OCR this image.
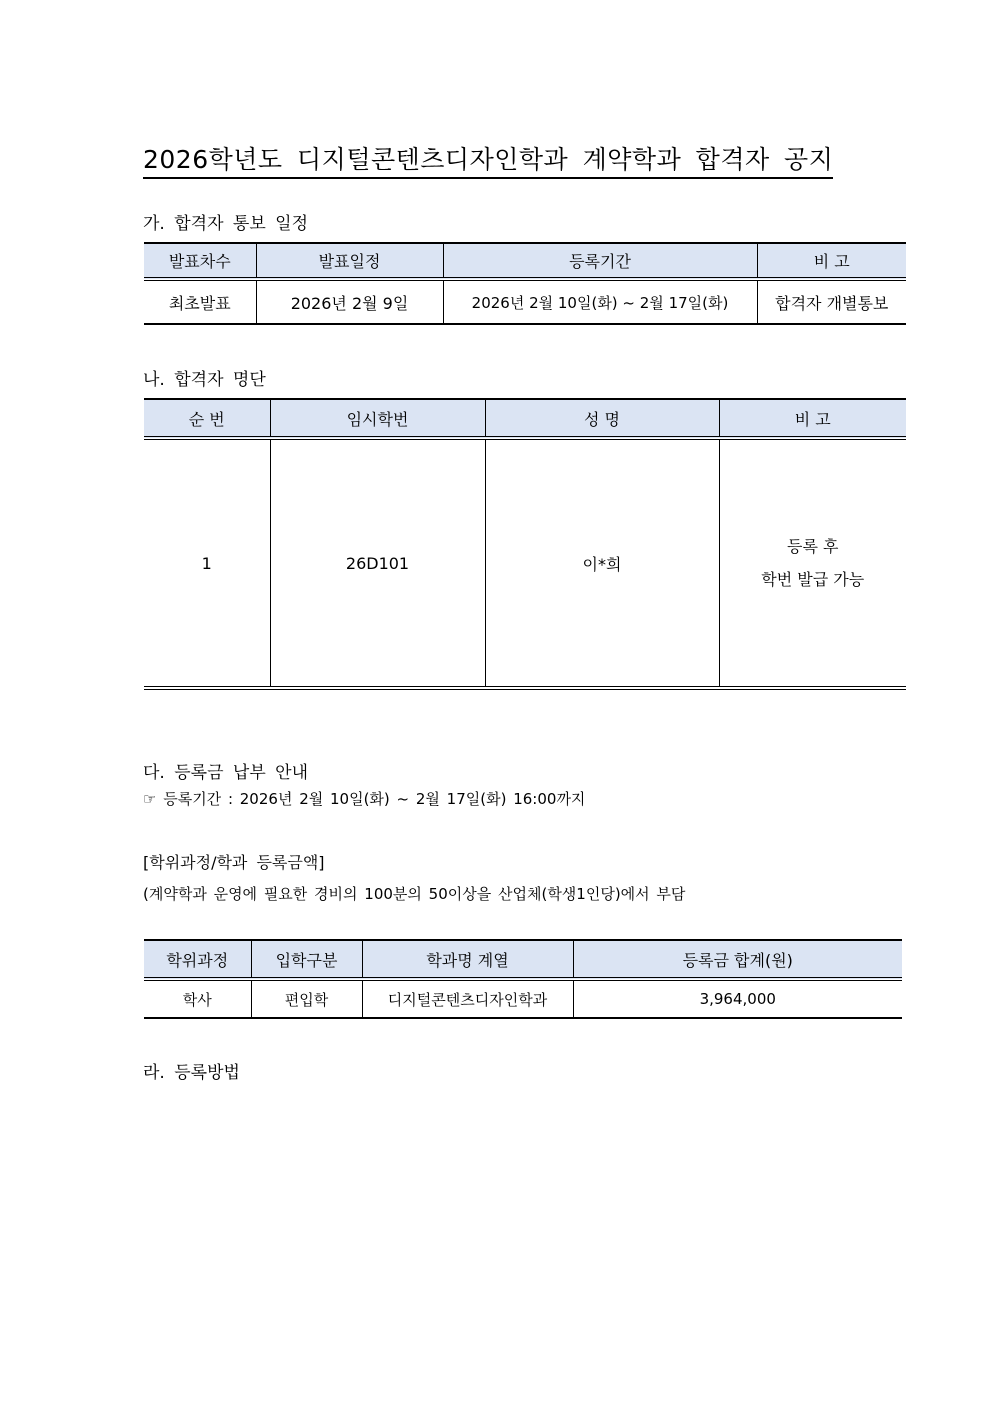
2026학년도 디지털콘텐츠디자인학과 계약학과 합격자 공지
가. 합격자 통보 일정
발표차수	발표일정	등록기간	비 고
최초발표	2026년 2월 9일	2026년 2월 10일(화) ~ 2월 17일(화)	합격자 개별통보
나. 합격자 명단
순 번	임시학번	성 명	비 고
1	26D101	이*희	등록 후
학번 발급 가능
다. 등록금 납부 안내
☞ 등록기간 : 2026년 2월 10일(화) ~ 2월 17일(화) 16:00까지
[학위과정/학과 등록금액]
(계약학과 운영에 필요한 경비의 100분의 50이상을 산업체(학생1인당)에서 부담
학위과정	입학구분	학과명 계열	등록금 합계(원)
학사	편입학	디지털콘텐츠디자인학과	3,964,000
라. 등록방법
